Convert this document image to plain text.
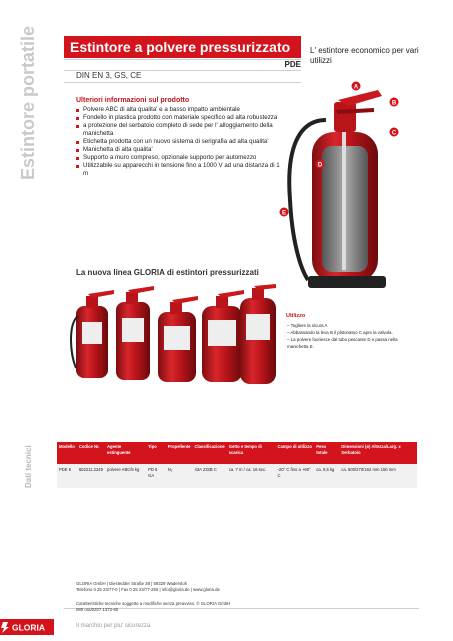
Estintore portatile
Dati tecnici
Estintore a polvere pressurizzato
PDE
L' estintore economico per vari utilizzi
DIN EN 3, GS, CE
Ulteriori informazioni sul prodotto
Polvere ABC di alta qualita' e a basso impatto ambientale
Fondello in plastica prodotto con materiale specifico ad alta robustezza
a protezione del serbatoio completo di sede per l' alloggiamento della manichetta
Etichetta prodotta con un nuovo sistema di serigrafia ad alta qualita'
Manichetta di alta qualita'
Supporto a muro compreso, opzionale supporto per automezzo
Utilizzabile su apparecchi in tensione fino a 1000 V ad una distanza di 1 m
A
B
C
D
E
La nuova linea GLORIA di estintori pressurizzati
Utilizzo
– Togliere la sicura A
– Abbassando la leva B il plstonatoo C apre la valvola.
– La polvere fuoriesce dal tubo pescante D e passa nella manichetta E.
Modello	Codice Nr.	Agente estinguente	Tipo	Propellente	Classificazione	Getto e tempo di scarica	Campo di utilizzo	Peso totale	Dimensioni (ø) Altezza/Larg. x Serbatoio
PDE 6	602211.2249	polvere ABC/6 kg	PD 6 GA	N₂	43A 233B C	ca. 7 m / ca. 16 sec.	-20° C fino a +60° C	ca. 9,5 kg	ca. 500/270/162 mm 150 mm
GLORIA GmbH | Diestedder Straße 39 | 59329 Wadersloh
Telefono 0 25 23/77-0 | Fax 0 25 23/77-255 | info@gloria.de | www.gloria.de
Caratteristiche tecniche soggette a modifiche senza preavviso. © GLORIA GmbH
080 ora/0207.1372-60
GLORIA	Il marchio per piu' sicurezza
